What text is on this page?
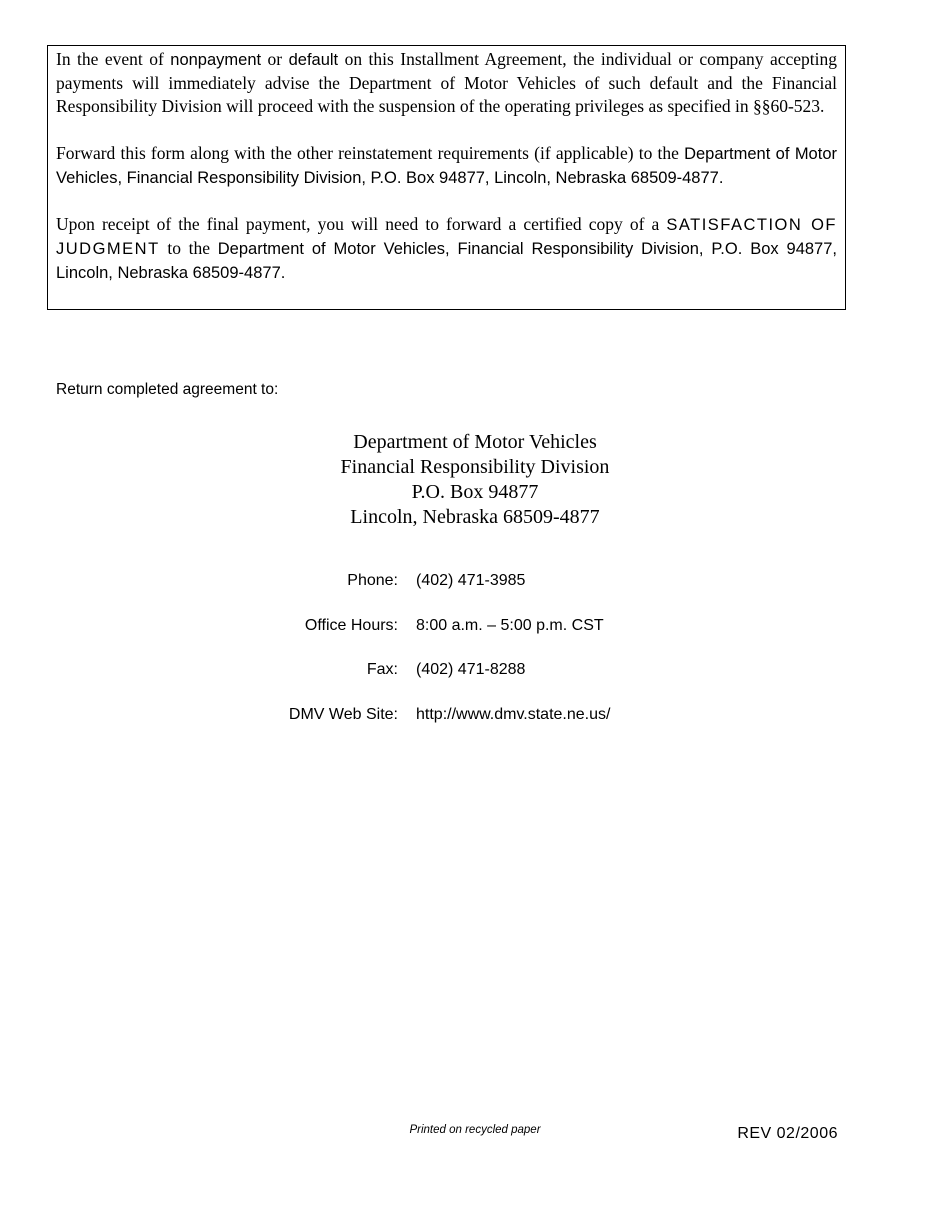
In the event of nonpayment or default on this Installment Agreement, the individual or company accepting payments will immediately advise the Department of Motor Vehicles of such default and the Financial Responsibility Division will proceed with the suspension of the operating privileges as specified in §§60-523.

Forward this form along with the other reinstatement requirements (if applicable) to the Department of Motor Vehicles, Financial Responsibility Division, P.O. Box 94877, Lincoln, Nebraska 68509-4877.

Upon receipt of the final payment, you will need to forward a certified copy of a SATISFACTION OF JUDGMENT to the Department of Motor Vehicles, Financial Responsibility Division, P.O. Box 94877, Lincoln, Nebraska 68509-4877.

Return completed agreement to:
Department of Motor Vehicles
Financial Responsibility Division
P.O. Box 94877
Lincoln, Nebraska 68509-4877
Phone:	(402) 471-3985
Office Hours:	8:00 a.m. – 5:00 p.m. CST
Fax:	(402) 471-8288
DMV Web Site:	http://www.dmv.state.ne.us/
Printed on recycled paper	REV 02/2006
